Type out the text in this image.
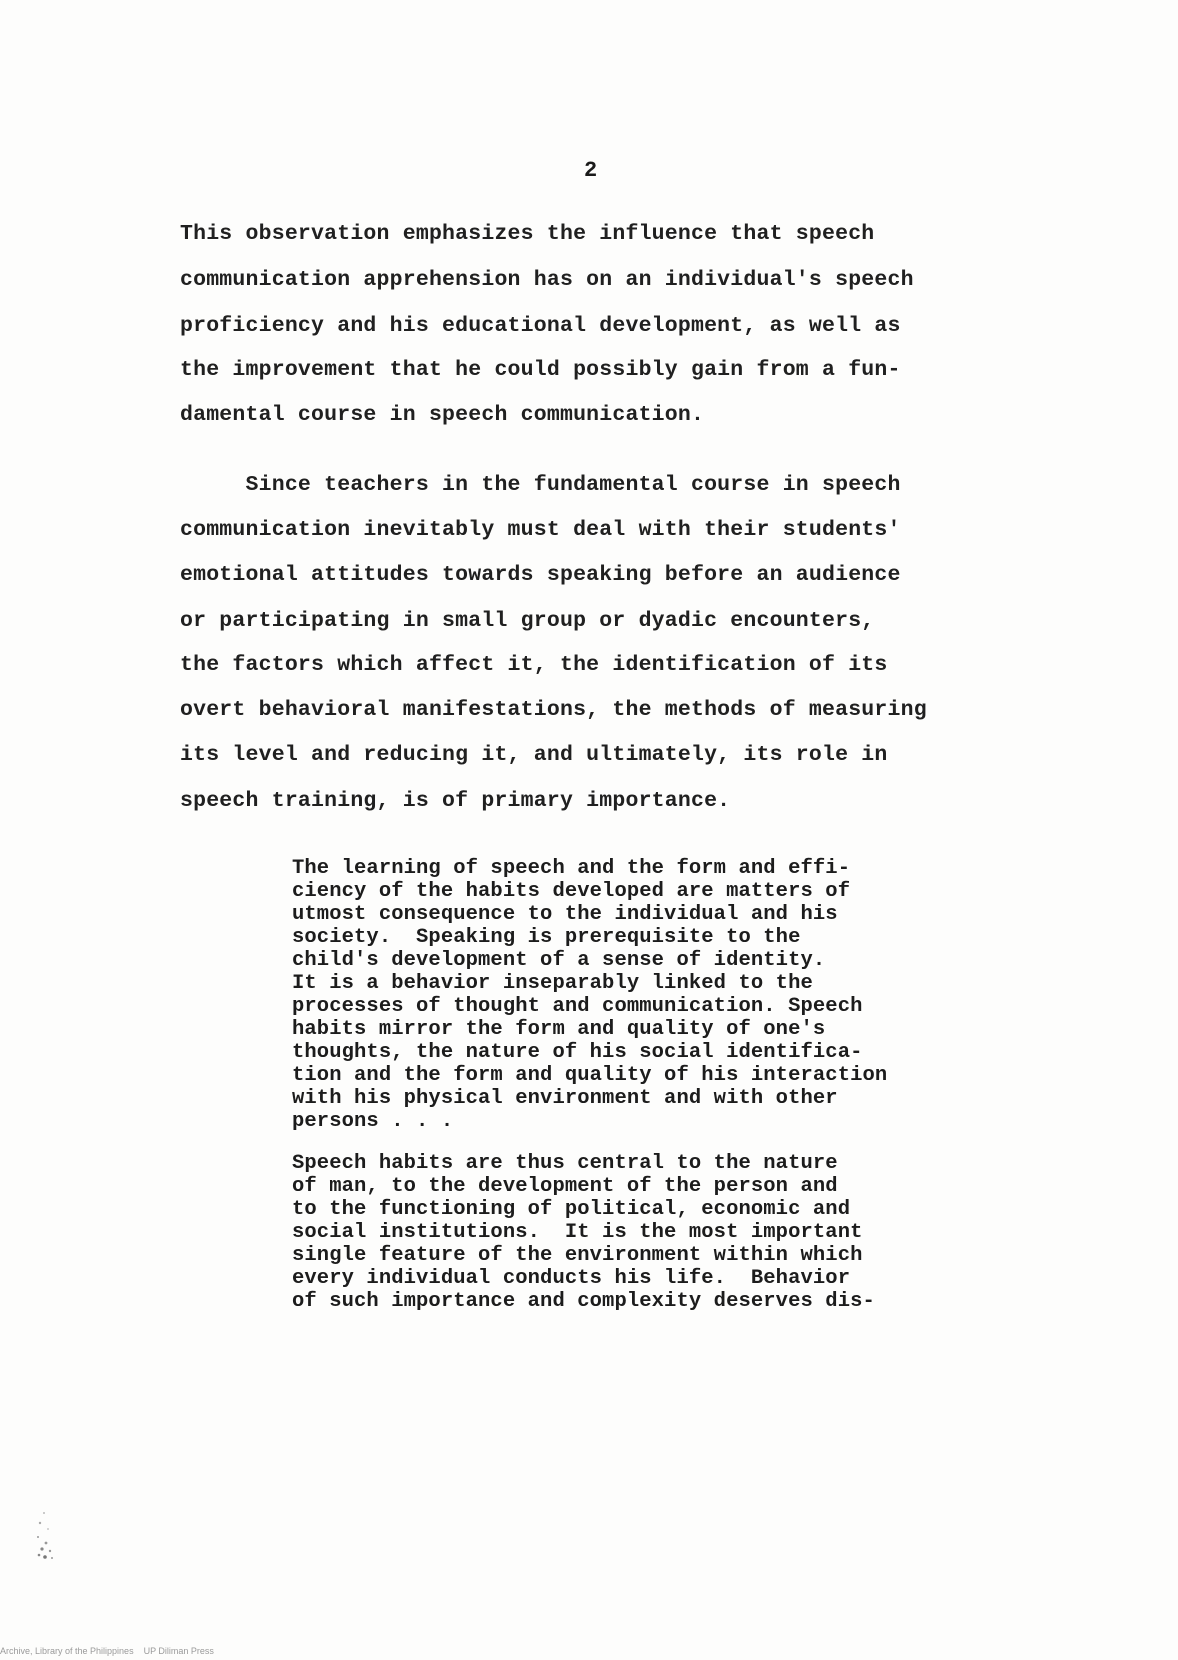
2
This observation emphasizes the influence that speech
communication apprehension has on an individual's speech
proficiency and his educational development, as well as
the improvement that he could possibly gain from a fun-
damental course in speech communication.
Since teachers in the fundamental course in speech
communication inevitably must deal with their students'
emotional attitudes towards speaking before an audience
or participating in small group or dyadic encounters,
the factors which affect it, the identification of its
overt behavioral manifestations, the methods of measuring
its level and reducing it, and ultimately, its role in
speech training, is of primary importance.
The learning of speech and the form and effi-
ciency of the habits developed are matters of
utmost consequence to the individual and his
society.  Speaking is prerequisite to the
child's development of a sense of identity.
It is a behavior inseparably linked to the
processes of thought and communication. Speech
habits mirror the form and quality of one's
thoughts, the nature of his social identifica-
tion and the form and quality of his interaction
with his physical environment and with other
persons . . .
Speech habits are thus central to the nature
of man, to the development of the person and
to the functioning of political, economic and
social institutions.  It is the most important
single feature of the environment within which
every individual conducts his life.  Behavior
of such importance and complexity deserves dis-
Archive, Library of the Philippines    UP Diliman Press
